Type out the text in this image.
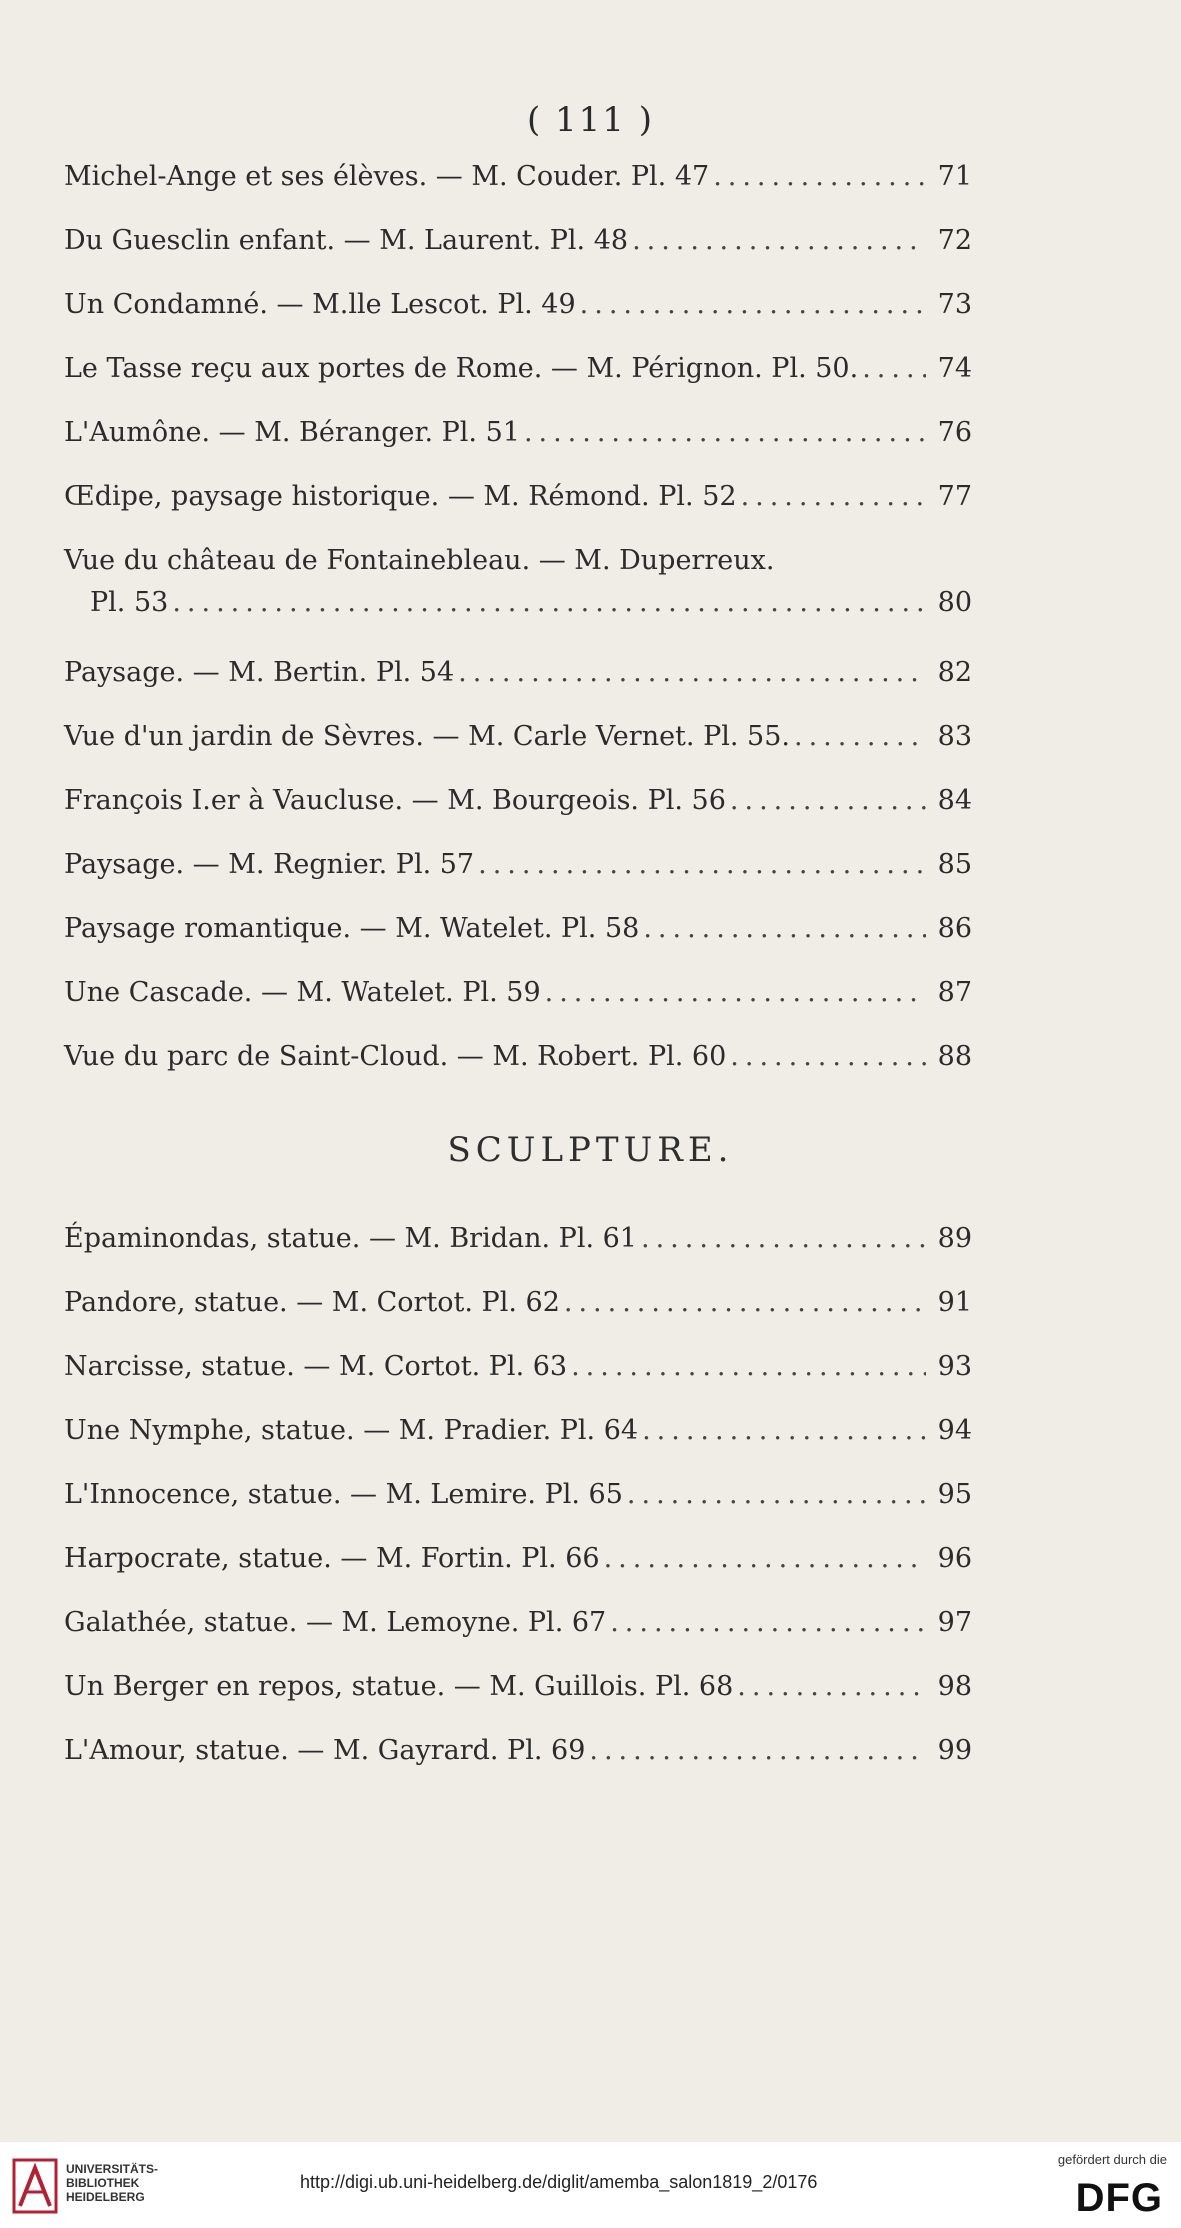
( 111 )
Michel-Ange et ses élèves. — M. Couder. Pl. 47 .....	71
Du Guesclin enfant. — M. Laurent. Pl. 48 .....	72
Un Condamné. — M.lle Lescot. Pl. 49 .....	73
Le Tasse reçu aux portes de Rome. — M. Pérignon. Pl. 50. .....	74
L'Aumône. — M. Béranger. Pl. 51 .....	76
Œdipe, paysage historique. — M. Rémond. Pl. 52 .....	77
Vue du château de Fontainebleau. — M. Duperreux.
Pl. 53 .....	80
Paysage. — M. Bertin. Pl. 54 .....	82
Vue d'un jardin de Sèvres. — M. Carle Vernet. Pl. 55. .....	83
François I.er à Vaucluse. — M. Bourgeois. Pl. 56 .....	84
Paysage. — M. Regnier. Pl. 57 .....	85
Paysage romantique. — M. Watelet. Pl. 58 .....	86
Une Cascade. — M. Watelet. Pl. 59 .....	87
Vue du parc de Saint-Cloud. — M. Robert. Pl. 60 .....	88
SCULPTURE.
Épaminondas, statue. — M. Bridan. Pl. 61 .....	89
Pandore, statue. — M. Cortot. Pl. 62 .....	91
Narcisse, statue. — M. Cortot. Pl. 63 .....	93
Une Nymphe, statue. — M. Pradier. Pl. 64 .....	94
L'Innocence, statue. — M. Lemire. Pl. 65 .....	95
Harpocrate, statue. — M. Fortin. Pl. 66 .....	96
Galathée, statue. — M. Lemoyne. Pl. 67 .....	97
Un Berger en repos, statue. — M. Guillois. Pl. 68 .....	98
L'Amour, statue. — M. Gayrard. Pl. 69 .....	99
UNIVERSITÄTS-
BIBLIOTHEK
HEIDELBERG
http://digi.ub.uni-heidelberg.de/diglit/amemba_salon1819_2/0176
gefördert durch die
DFG
